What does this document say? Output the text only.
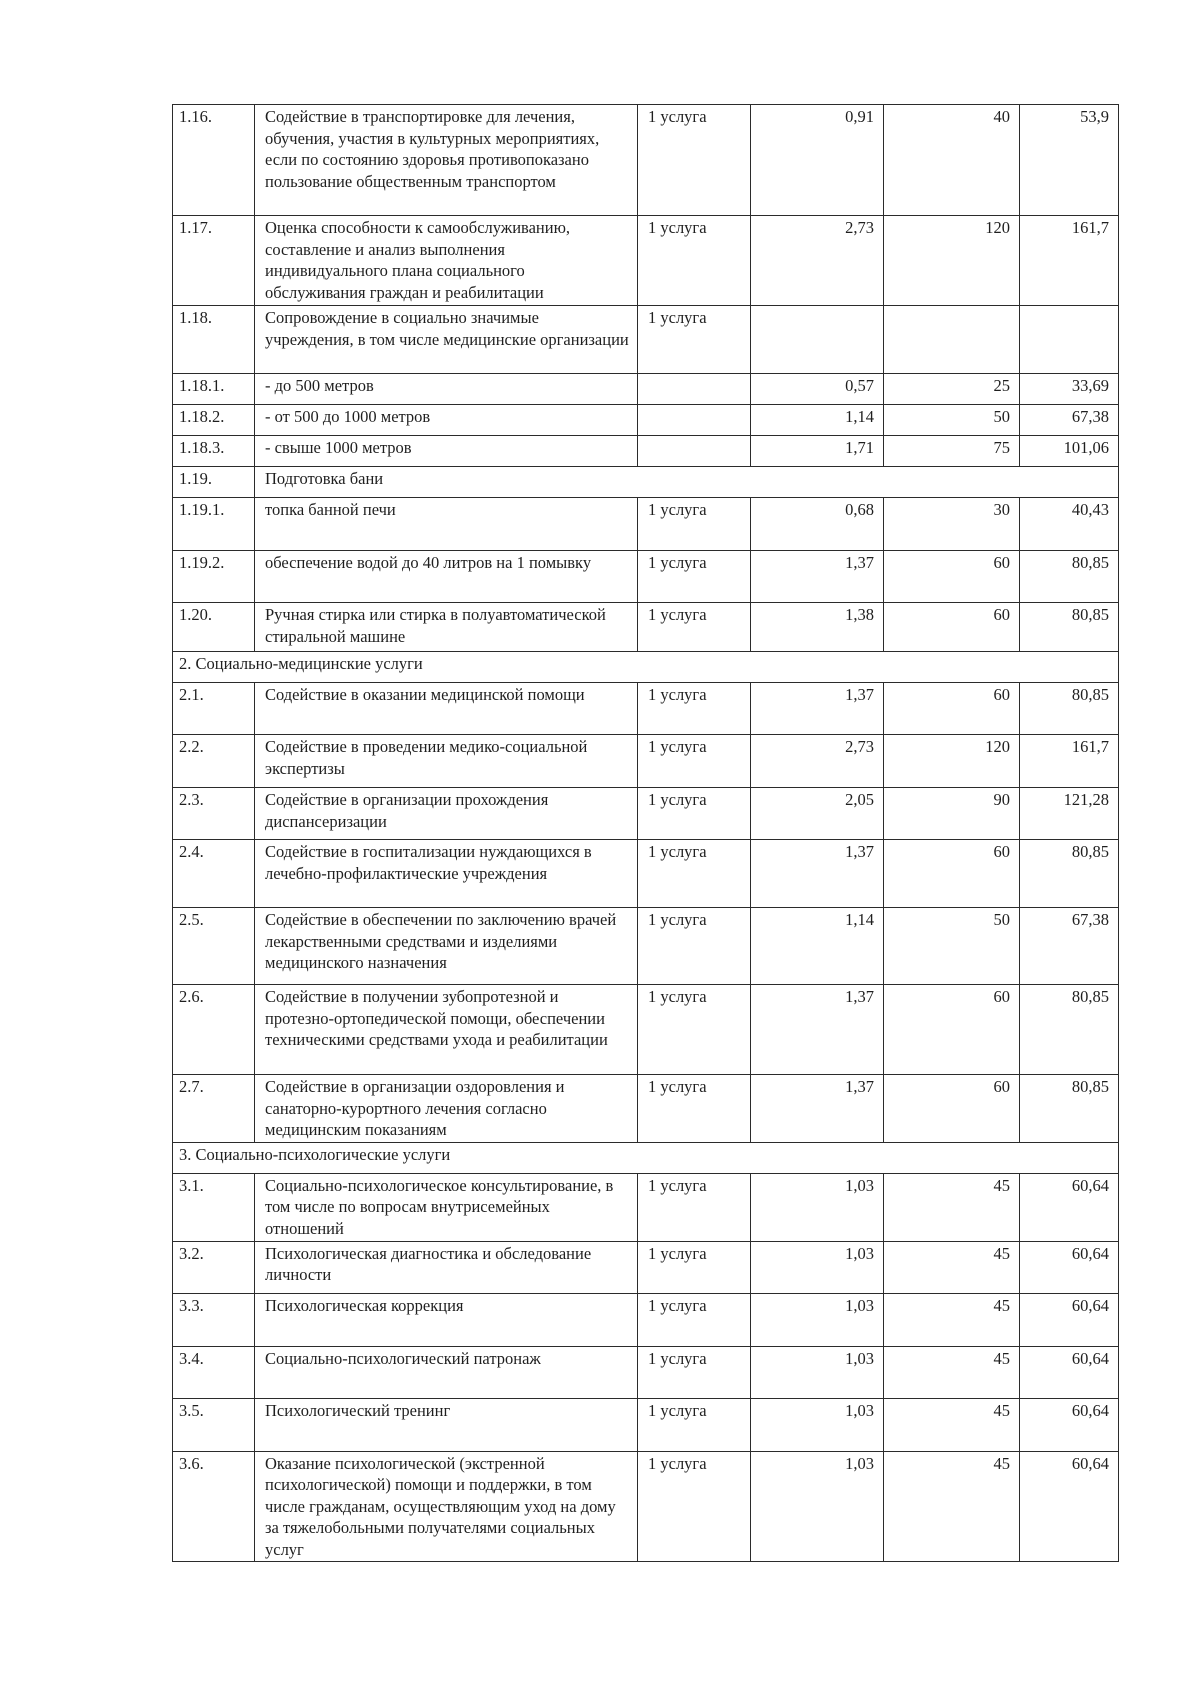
1.16.	Содействие в транспортировке для лечения, обучения, участия в культурных мероприятиях, если по состоянию здоровья противопоказано пользование общественным транспортом	1 услуга	0,91	40	53,9
1.17.	Оценка способности к самообслуживанию, составление и анализ выполнения индивидуального плана социального обслуживания граждан и реабилитации	1 услуга	2,73	120	161,7
1.18.	Сопровождение в социально значимые учреждения, в том числе медицинские организации	1 услуга			
1.18.1.	- до 500 метров		0,57	25	33,69
1.18.2.	- от 500 до 1000 метров		1,14	50	67,38
1.18.3.	- свыше 1000 метров		1,71	75	101,06
1.19.	Подготовка бани				
1.19.1.	топка банной печи	1 услуга	0,68	30	40,43
1.19.2.	обеспечение водой до 40 литров на 1 помывку	1 услуга	1,37	60	80,85
1.20.	Ручная стирка или стирка в полуавтоматической стиральной машине	1 услуга	1,38	60	80,85
2. Социально-медицинские услуги					
2.1.	Содействие в оказании медицинской помощи	1 услуга	1,37	60	80,85
2.2.	Содействие в проведении медико-социальной экспертизы	1 услуга	2,73	120	161,7
2.3.	Содействие в организации прохождения диспансеризации	1 услуга	2,05	90	121,28
2.4.	Содействие в госпитализации нуждающихся в лечебно-профилактические учреждения	1 услуга	1,37	60	80,85
2.5.	Содействие в обеспечении по заключению врачей лекарственными средствами и изделиями медицинского назначения	1 услуга	1,14	50	67,38
2.6.	Содействие в получении зубопротезной и протезно-ортопедической помощи, обеспечении техническими средствами ухода и реабилитации	1 услуга	1,37	60	80,85
2.7.	Содействие в организации оздоровления и санаторно-курортного лечения согласно медицинским показаниям	1 услуга	1,37	60	80,85
3. Социально-психологические услуги					
3.1.	Социально-психологическое консультирование, в том числе по вопросам внутрисемейных отношений	1 услуга	1,03	45	60,64
3.2.	Психологическая диагностика и обследование личности	1 услуга	1,03	45	60,64
3.3.	Психологическая коррекция	1 услуга	1,03	45	60,64
3.4.	Социально-психологический патронаж	1 услуга	1,03	45	60,64
3.5.	Психологический тренинг	1 услуга	1,03	45	60,64
3.6.	Оказание психологической (экстренной психологической) помощи и поддержки, в том числе гражданам, осуществляющим уход на дому за тяжелобольными получателями социальных услуг	1 услуга	1,03	45	60,64
